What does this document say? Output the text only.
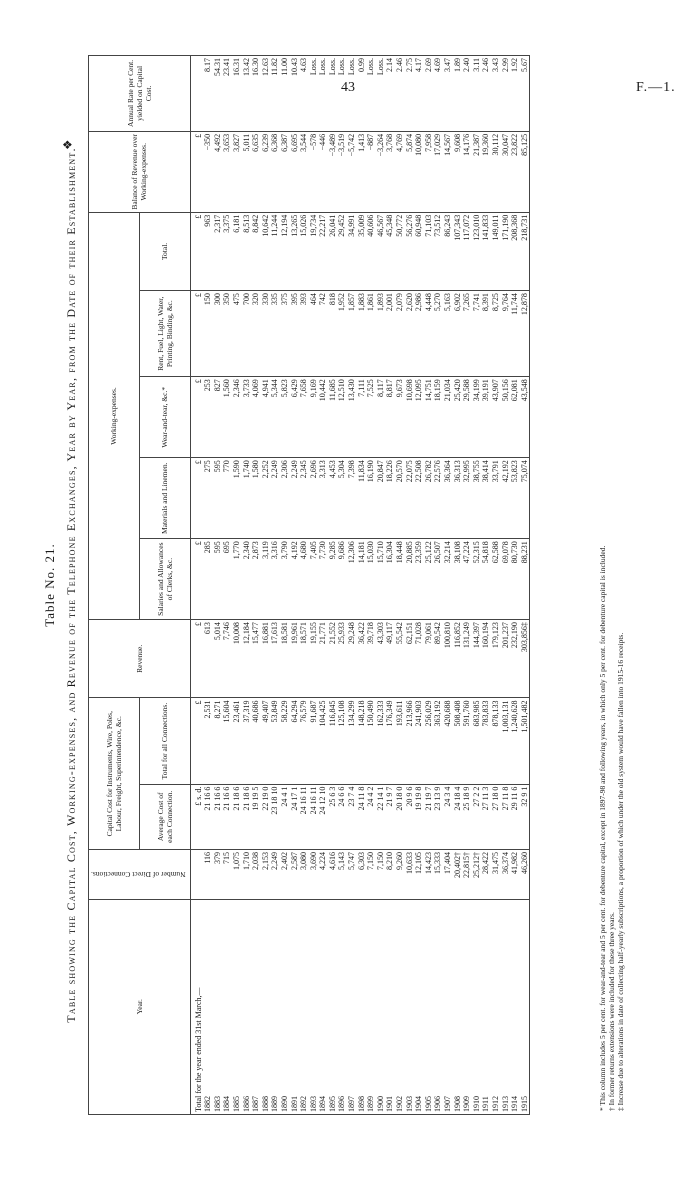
43	F.—1.
❖
Table No. 21. Table showing the Capital Cost, Working-expenses, and Revenue of the Telephone Exchanges, Year by Year, from the Date of their Establishment.	Year.	Number of Direct Connections.	Capital Cost for Instruments, Wire, Poles, Labour, Freight, Superintendence, &c.		Revenue.	Working-expenses.					Balance of Revenue over Working-expenses.	Annual Rate per Cent. yielded on Capital Cost.
		Average Cost of each Connection.	Total for all Connections.		Salaries and Allowances of Clerks, &c.	Materials and Linemen.	Wear-and-tear, &c.*	Rent, Fuel, Light, Water, Printing, Binding, &c.	Total.		
Total for the year ended 31st March,—		£ s. d.	£	£	£	£	£	£	£	£	
1882	116	21 16 6	2,531	613	285	275	253	150	963	−350	8.17
1883	379	21 16 6	8,271	5,014	595	595	827	300	2,317	4,492	54.31
1884	715	21 16 6	15,604	7,746	695	770	1,560	350	3,375	3,653	23.41
1885	1,075	21 18 6	23,461	10,008	1,770	1,590	2,346	475	6,181	3,827	16.31
1886	1,710	21 18 6	37,319	12,184	2,340	1,740	3,733	700	8,513	5,011	13.42
1887	2,038	19 19 5	40,686	15,477	2,873	1,580	4,069	320	8,842	6,635	16.30
1888	2,153	22 19 0	49,407	16,881	3,119	2,252	4,941	330	10,642	6,239	12.63
1889	2,249	23 18 10	53,849	17,613	3,316	2,249	5,344	335	11,244	6,368	11.82
1890	2,402	24 4 1	58,229	18,581	3,790	2,306	5,823	375	12,194	6,387	11.00
1891	2,587	24 17 1	64,294	19,961	4,192	2,249	6,429	395	13,265	6,695	10.43
1892	3,080	24 16 11	76,579	18,571	4,680	2,345	7,658	393	15,026	3,544	4.63
1893	3,690	24 16 11	91,687	19,155	7,405	2,696	9,169	464	19,734	−578	Loss.
1894	4,224	24 12 10	104,425	21,771	7,730	3,313	10,442	742	22,217	−446	Loss.
1895	4,616	25 6 3	116,845	21,552	9,285	4,453	11,685	818	26,041	−3,489	Loss.
1896	5,143	24 6 6	125,108	25,933	9,686	5,304	12,510	1,952	29,452	−3,519	Loss.
1897	5,747	23 7 4	134,299	29,248	12,306	7,398	13,430	1,857	34,991	−5,742	Loss.
1898	6,303	24 11 8	148,218	36,422	14,181	11,834	7,111	1,883	35,009	1,413	0.99
1899	7,150	24 4 2	150,490	39,718	15,030	16,190	7,525	1,861	40,606	−887	Loss.
1900	7,150	22 14 1	162,333	43,303	15,710	20,847	8,117	1,893	46,567	−3,264	Loss.
1901	8,210	21 9 7	176,349	49,117	16,304	18,226	8,817	2,001	45,348	3,768	2.14
1902	9,260	20 18 0	193,611	55,542	18,448	20,570	9,673	2,079	50,772	4,769	2.46
1903	10,633	20 9 6	213,966	62,151	20,885	22,075	10,698	2,620	56,276	5,874	2.75
1904	12,105	19 19 8	241,903	71,028	23,359	22,508	12,095	2,986	60,948	10,080	4.17
1905	14,423	21 19 7	256,029	79,061	25,122	26,782	14,751	4,448	71,103	7,958	2.69
1906	15,333	23 13 9	363,192	89,542	26,507	22,576	18,159	5,270	73,512	17,029	4.69
1907	17,404	24 3 4	420,688	100,810	32,214	36,364	21,034	5,163	86,243	14,567	3.47
1908	20,402†	24 18 4	508,408	116,852	38,108	36,313	25,420	6,902	107,343	9,608	1.89
1909	22,815†	25 18 9	591,760	131,249	47,224	32,995	29,588	7,265	117,072	14,176	2.40
1910	25,212†	27 2 2	683,985	144,397	52,315	38,755	34,199	7,741	123,010	21,387	3.11
1911	28,422	27 11 3	783,833	160,194	54,818	38,414	39,191	8,391	141,833	19,360	2.46
1912	31,475	27 18 0	878,133	179,123	62,588	33,791	43,907	8,725	149,011	30,112	3.43
1913	36,374	27 11 8	1,003,131	201,237	69,078	42,192	50,156	9,764	171,190	30,047	2.99
1914	41,982	29 11 6	1,240,628	232,190	80,730	53,823	62,081	11,744	208,368	23,822	1.92
1915	46,260	32 9 1	1,501,482	303,856‡	88,231	75,074	43,548	12,878	218,731	85,125	5.67
* This column includes 5 per cent. for wear-and-tear and 5 per cent. for debenture capital, except in 1897-98 and following years, in which only 5 per cent. for debenture capital is included. † In former returns extensions were included for these three years. ‡ Increase due to alterations in date of collecting half-yearly subscriptions, a proportion of which under the old system would have fallen into 1915-16 receipts.
